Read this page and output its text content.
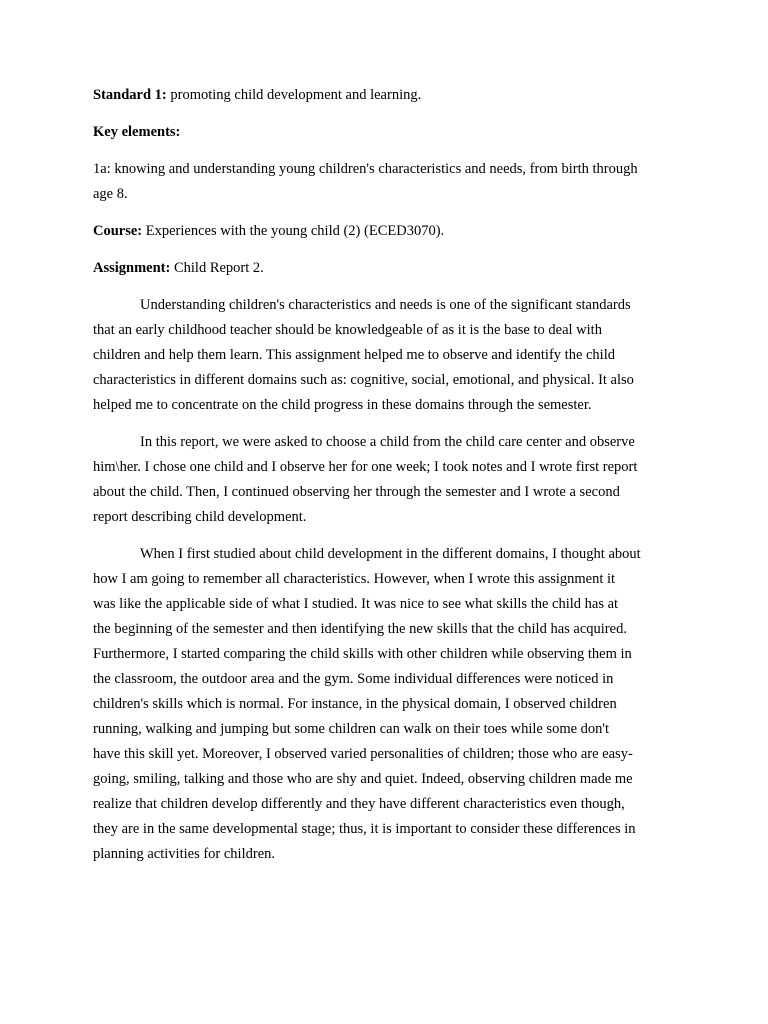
Standard 1: promoting child development and learning.
Key elements:
1a: knowing and understanding young children's characteristics and needs, from birth through
age 8.
Course: Experiences with the young child (2) (ECED3070).
Assignment: Child Report 2.
Understanding children's characteristics and needs is one of the significant standards
that an early childhood teacher should be knowledgeable of as it is the base to deal with
children and help them learn. This assignment helped me to observe and identify the child
characteristics in different domains such as: cognitive, social, emotional, and physical. It also
helped me to concentrate on the child progress in these domains through the semester.
In this report, we were asked to choose a child from the child care center and observe
him\her. I chose one child and I observe her for one week; I took notes and I wrote first report
about the child. Then, I continued observing her through the semester and I wrote a second
report describing child development.
When I first studied about child development in the different domains, I thought about
how I am going to remember all characteristics. However, when I wrote this assignment it
was like the applicable side of what I studied. It was nice to see what skills the child has at
the beginning of the semester and then identifying the new skills that the child has acquired.
Furthermore, I started comparing the child skills with other children while observing them in
the classroom, the outdoor area and the gym. Some individual differences were noticed in
children's skills which is normal. For instance, in the physical domain, I observed children
running, walking and jumping but some children can walk on their toes while some don't
have this skill yet. Moreover, I observed varied personalities of children; those who are easy-
going, smiling, talking and those who are shy and quiet. Indeed, observing children made me
realize that children develop differently and they have different characteristics even though,
they are in the same developmental stage; thus, it is important to consider these differences in
planning activities for children.
